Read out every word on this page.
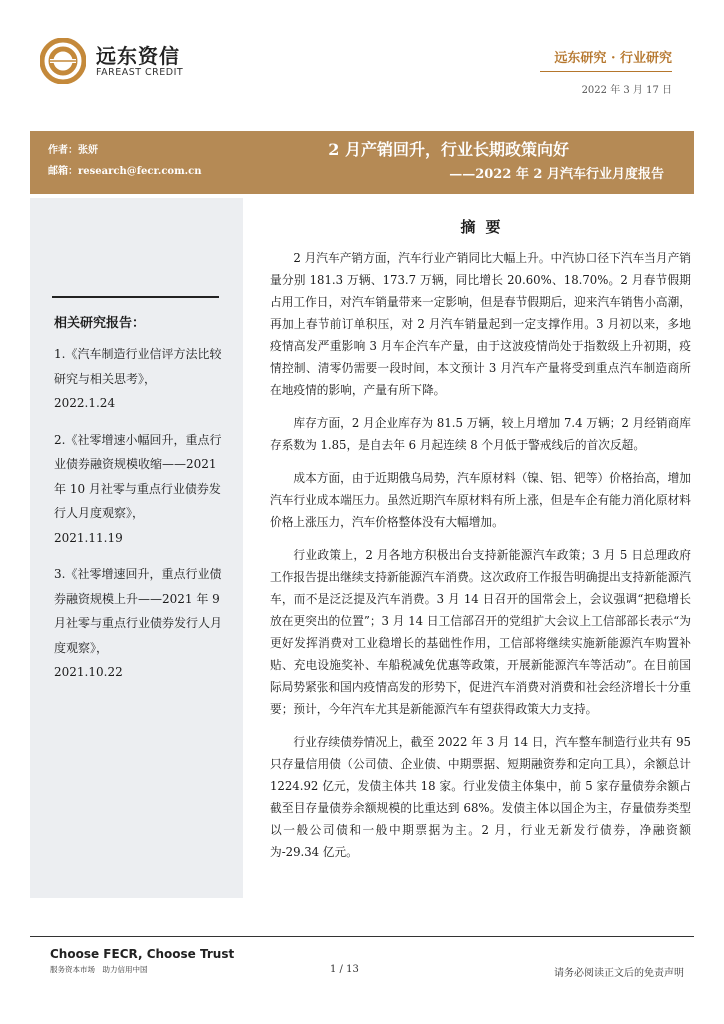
远东资信
FAREAST CREDIT
远东研究 · 行业研究
2022 年 3 月 17 日
作者：张妍
邮箱：research@fecr.com.cn
2 月产销回升，行业长期政策向好
——2022 年 2 月汽车行业月度报告
相关研究报告：
1.《汽车制造行业信评方法比较研究与相关思考》，
2022.1.24
2.《社零增速小幅回升，重点行业债券融资规模收缩——2021 年 10 月社零与重点行业债券发行人月度观察》，
2021.11.19
3.《社零增速回升，重点行业债券融资规模上升——2021 年 9 月社零与重点行业债券发行人月度观察》，
2021.10.22
摘要

2 月汽车产销方面，汽车行业产销同比大幅上升。中汽协口径下汽车当月产销量分别 181.3 万辆、173.7 万辆，同比增长 20.60%、18.70%。2 月春节假期占用工作日，对汽车销量带来一定影响，但是春节假期后，迎来汽车销售小高潮，再加上春节前订单积压，对 2 月汽车销量起到一定支撑作用。3 月初以来，多地疫情高发严重影响 3 月车企汽车产量，由于这波疫情尚处于指数级上升初期，疫情控制、清零仍需要一段时间，本文预计 3 月汽车产量将受到重点汽车制造商所在地疫情的影响，产量有所下降。

库存方面，2 月企业库存为 81.5 万辆，较上月增加 7.4 万辆；2 月经销商库存系数为 1.85，是自去年 6 月起连续 8 个月低于警戒线后的首次反超。

成本方面，由于近期俄乌局势，汽车原材料（镍、铝、钯等）价格抬高，增加汽车行业成本端压力。虽然近期汽车原材料有所上涨，但是车企有能力消化原材料价格上涨压力，汽车价格整体没有大幅增加。

行业政策上，2 月各地方积极出台支持新能源汽车政策；3 月 5 日总理政府工作报告提出继续支持新能源汽车消费。这次政府工作报告明确提出支持新能源汽车，而不是泛泛提及汽车消费。3 月 14 日召开的国常会上，会议强调“把稳增长放在更突出的位置”；3 月 14 日工信部召开的党组扩大会议上工信部部长表示“为更好发挥消费对工业稳增长的基础性作用，工信部将继续实施新能源汽车购置补贴、充电设施奖补、车船税减免优惠等政策，开展新能源汽车等活动”。在目前国际局势紧张和国内疫情高发的形势下，促进汽车消费对消费和社会经济增长十分重要；预计，今年汽车尤其是新能源汽车有望获得政策大力支持。

行业存续债券情况上，截至 2022 年 3 月 14 日，汽车整车制造行业共有 95 只存量信用债（公司债、企业债、中期票据、短期融资券和定向工具），余额总计 1224.92 亿元，发债主体共 18 家。行业发债主体集中，前 5 家存量债券余额占截至目存量债券余额规模的比重达到 68%。发债主体以国企为主，存量债券类型以一般公司债和一般中期票据为主。2 月，行业无新发行债券，净融资额为-29.34 亿元。

Choose FECR, Choose Trust
服务资本市场　助力信用中国	1 / 13	请务必阅读正文后的免责声明
